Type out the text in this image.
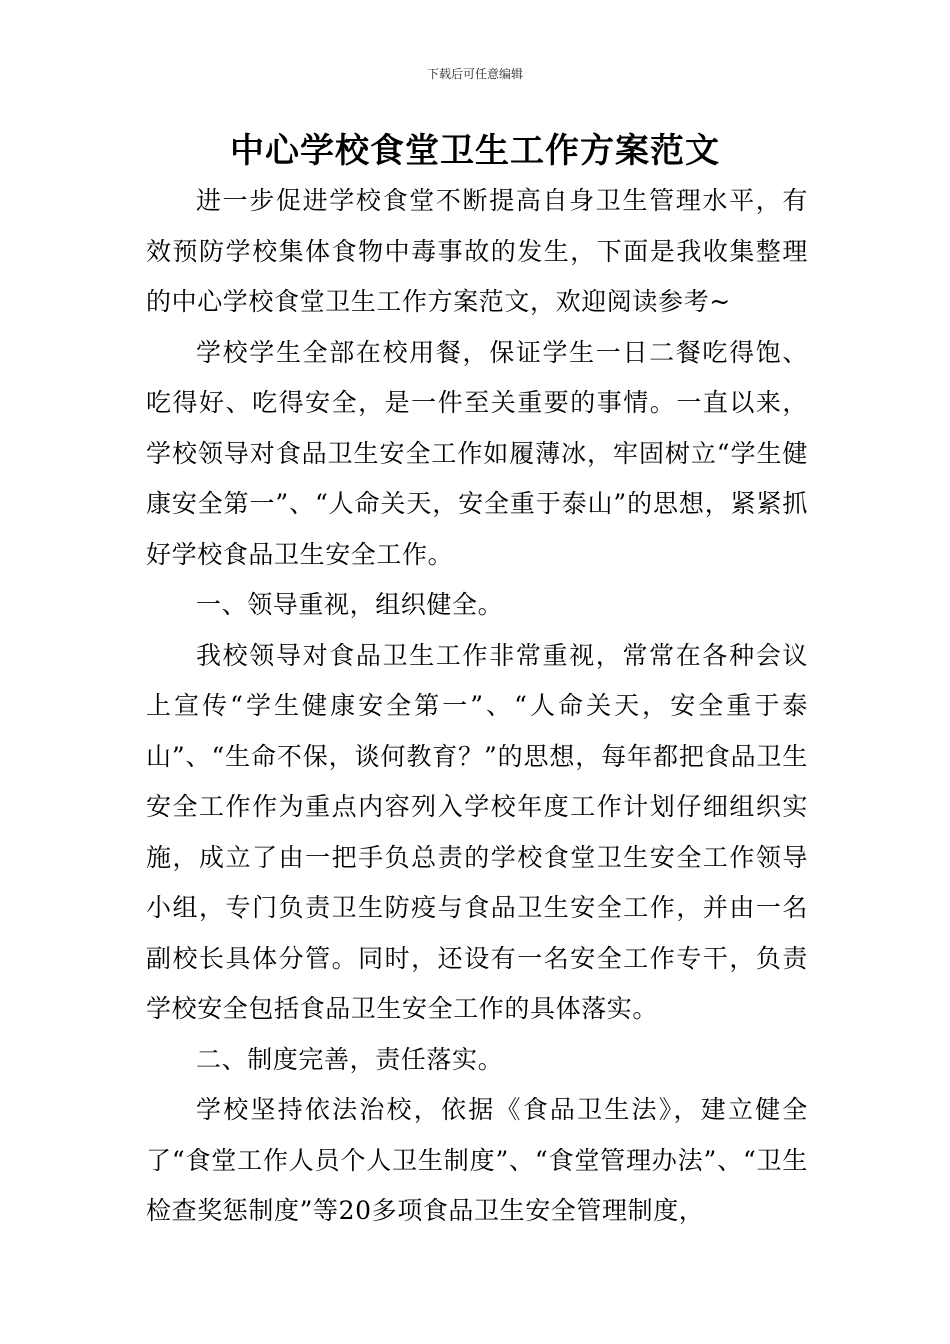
下载后可任意编辑
中心学校食堂卫生工作方案范文

进一步促进学校食堂不断提高自身卫生管理水平，有效预防学校集体食物中毒事故的发生，下面是我收集整理的中心学校食堂卫生工作方案范文，欢迎阅读参考~

学校学生全部在校用餐，保证学生一日二餐吃得饱、吃得好、吃得安全，是一件至关重要的事情。一直以来，学校领导对食品卫生安全工作如履薄冰，牢固树立“学生健康安全第一”、“人命关天，安全重于泰山”的思想，紧紧抓好学校食品卫生安全工作。

一、领导重视，组织健全。

我校领导对食品卫生工作非常重视，常常在各种会议上宣传“学生健康安全第一”、“人命关天，安全重于泰山”、“生命不保，谈何教育？”的思想，每年都把食品卫生安全工作作为重点内容列入学校年度工作计划仔细组织实施，成立了由一把手负总责的学校食堂卫生安全工作领导小组，专门负责卫生防疫与食品卫生安全工作，并由一名副校长具体分管。同时，还设有一名安全工作专干，负责学校安全包括食品卫生安全工作的具体落实。

二、制度完善，责任落实。

学校坚持依法治校，依据《食品卫生法》，建立健全了“食堂工作人员个人卫生制度”、“食堂管理办法”、“卫生检查奖惩制度”等20多项食品卫生安全管理制度，
